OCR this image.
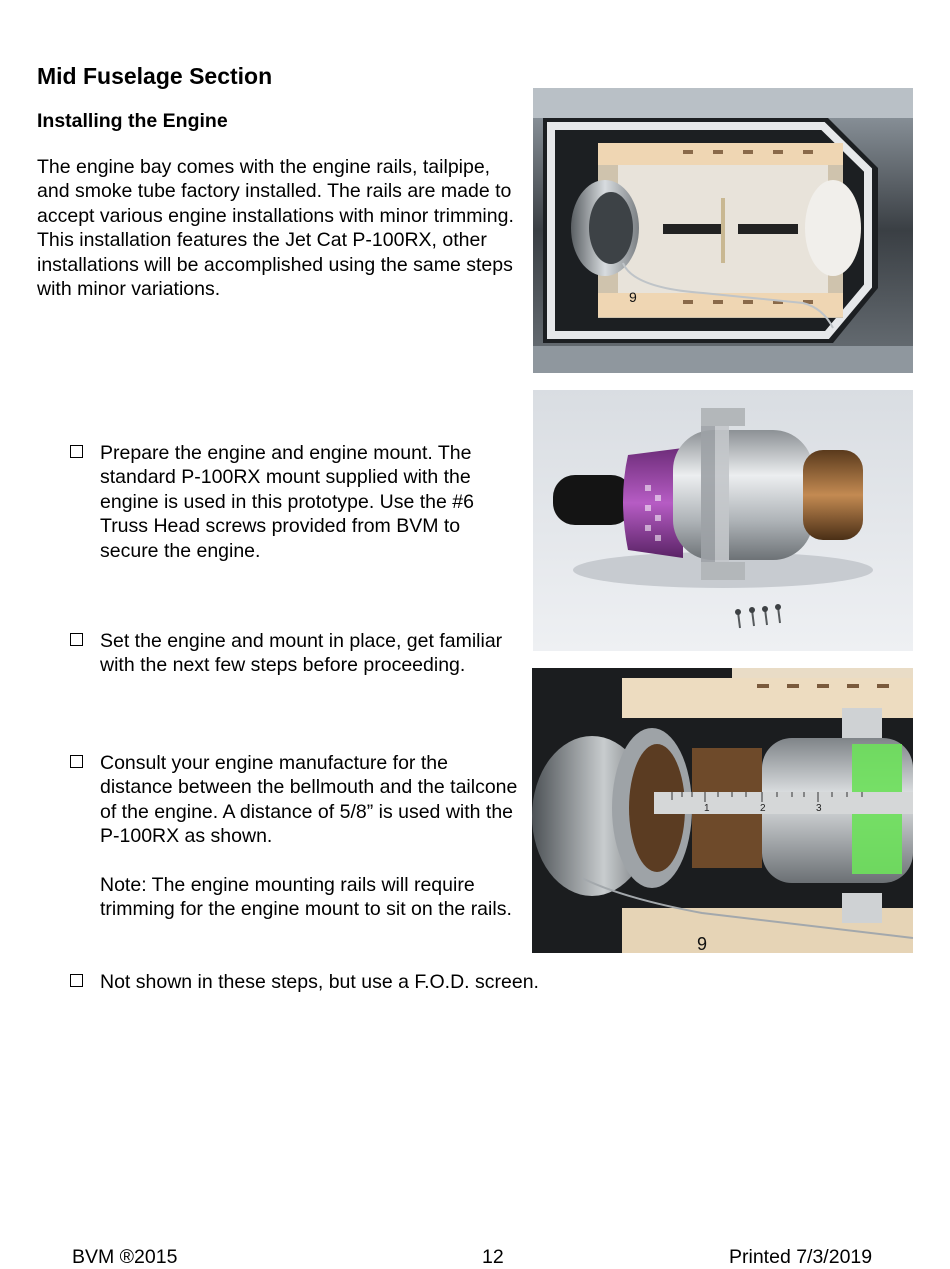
Mid Fuselage Section
Installing the Engine

The engine bay comes with the engine rails, tailpipe, and smoke tube factory installed. The rails are made to accept various engine installations with minor trimming. This installation features the Jet Cat P-100RX, other installations will be accomplished using the same steps with minor variations.

Prepare the engine and engine mount. The standard P-100RX mount supplied with the engine is used in this prototype. Use the #6 Truss Head screws provided from BVM to secure the engine.
Set the engine and mount in place, get familiar with the next few steps before proceeding.

Consult your engine manufacture for the distance between the bellmouth and the tailcone of the engine. A distance of 5/8” is used with the P-100RX as shown.

Note: The engine mounting rails will require trimming for the engine mount to sit on the rails.

Not shown in these steps, but use a F.O.D. screen.
9
1	2	3
9
BVM ®2015	12	Printed 7/3/2019
